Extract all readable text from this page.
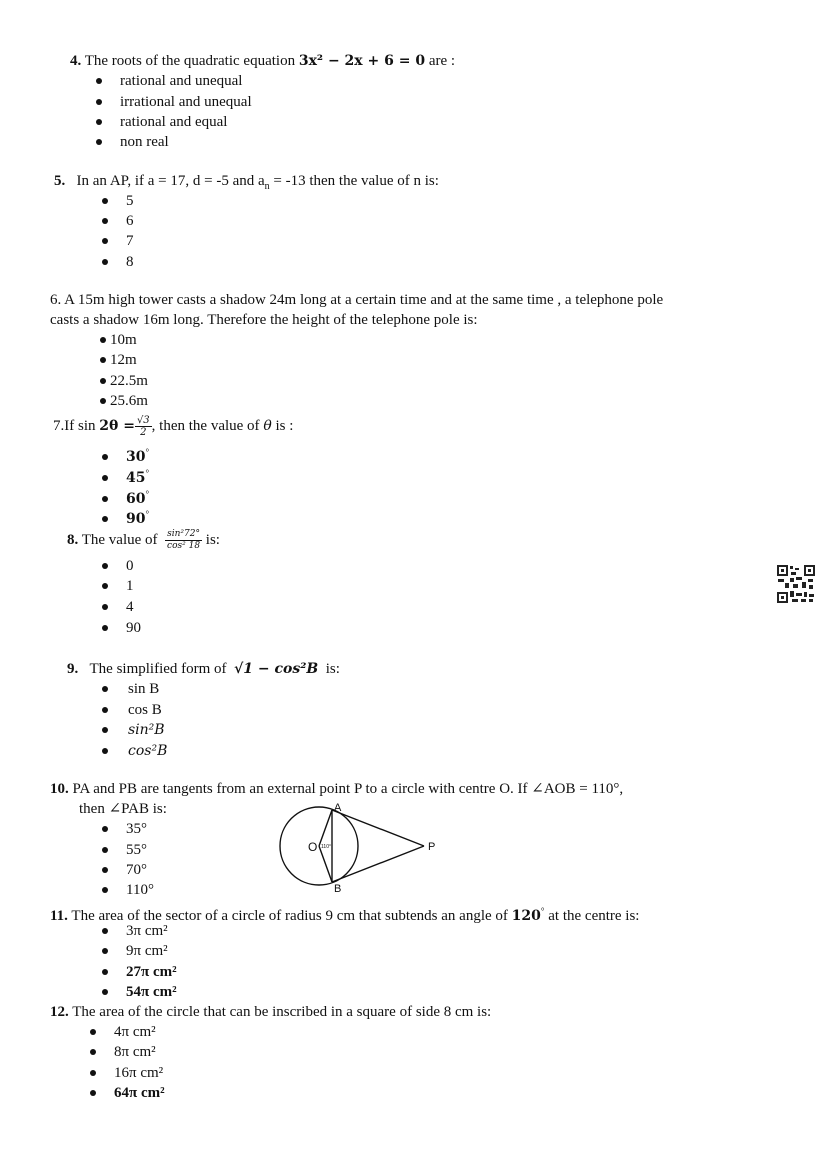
4. The roots of the quadratic equation 3x² − 2x + 6 = 0 are :
rational and unequal
irrational and unequal
rational and equal
non real
5. In an AP, if a = 17, d = -5 and $a_n = -13$ then the value of n is:
5
6
7
8
6. A 15m high tower casts a shadow 24m long at a certain time and at the same time , a telephone pole
casts a shadow 16m long. Therefore the height of the telephone pole is:
10m
12m
22.5m
25.6m
7.If $\sin 2\theta = \frac{√3}{2}$ , then the value of θ is :
30°
45°
60°
90°
8. The value of $\frac{\text{sin²72°}}{\text{cos² 18}}$ is:
0
1
4
90
9. The simplified form of √1 − cos²B is:
sin B
cos B
sin²B
cos²B
10. PA and PB are tangents from an external point P to a circle with centre O. If ∠AOB = 110°,
then ∠PAB is:
35°
55°
70°
110°
O 110°
A
B
P
11. The area of the sector of a circle of radius 9 cm that subtends an angle of 120° at the centre is:
3π cm²
9π cm²
27π cm²
54π cm²
12. The area of the circle that can be inscribed in a square of side 8 cm is:
4π cm²
8π cm²
16π cm²
64π cm²
